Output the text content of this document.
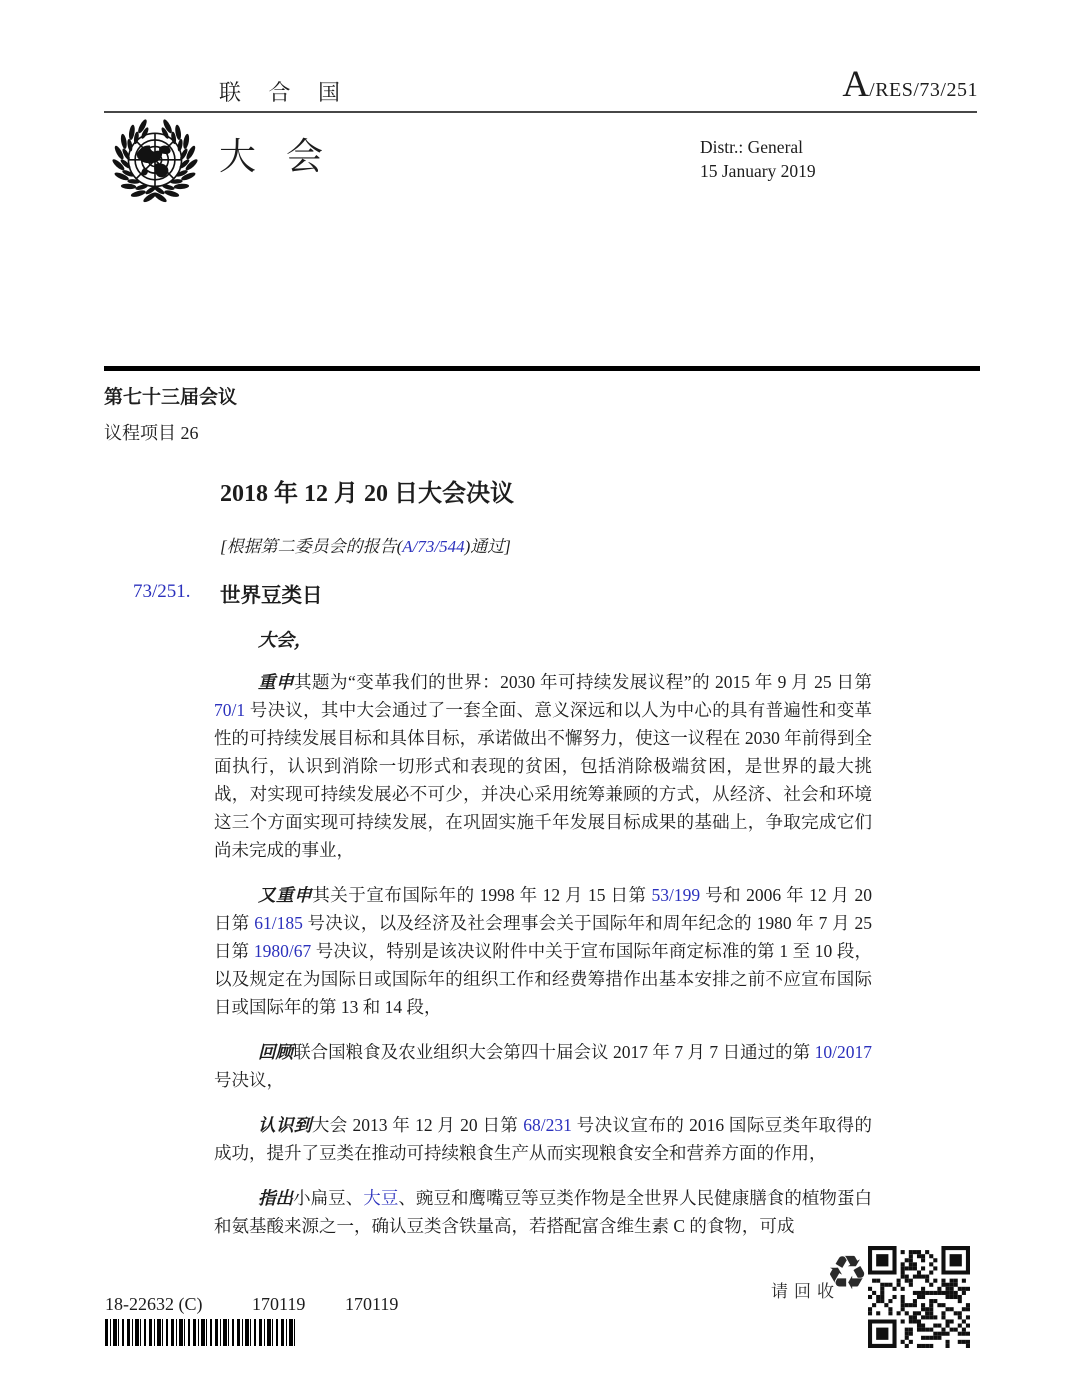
联 合 国	A /RES/73/251
大会	Distr.: General
15 January 2019
第七十三届会议
议程项目 26
2018 年 12 月 20 日大会决议
[根据第二委员会的报告(A/73/544)通过]
73/251. 世界豆类日
大会，

重申其题为“变革我们的世界：2030 年可持续发展议程”的 2015 年 9 月 25 日第 70/1 号决议，其中大会通过了一套全面、意义深远和以人为中心的具有普遍性和变革性的可持续发展目标和具体目标，承诺做出不懈努力，使这一议程在 2030 年前得到全面执行，认识到消除一切形式和表现的贫困，包括消除极端贫困，是世界的最大挑战，对实现可持续发展必不可少，并决心采用统筹兼顾的方式，从经济、社会和环境这三个方面实现可持续发展，在巩固实施千年发展目标成果的基础上，争取完成它们尚未完成的事业，

又重申其关于宣布国际年的 1998 年 12 月 15 日第 53/199 号和 2006 年 12 月 20 日第 61/185 号决议，以及经济及社会理事会关于国际年和周年纪念的 1980 年 7 月 25 日第 1980/67 号决议，特别是该决议附件中关于宣布国际年商定标准的第 1 至 10 段，以及规定在为国际日或国际年的组织工作和经费筹措作出基本安排之前不应宣布国际日或国际年的第 13 和 14 段，

回顾联合国粮食及农业组织大会第四十届会议 2017 年 7 月 7 日通过的第 10/2017 号决议，

认识到大会 2013 年 12 月 20 日第 68/231 号决议宣布的 2016 国际豆类年取得的成功，提升了豆类在推动可持续粮食生产从而实现粮食安全和营养方面的作用，

指出小扁豆、大豆、豌豆和鹰嘴豆等豆类作物是全世界人民健康膳食的植物蛋白和氨基酸来源之一，确认豆类含铁量高，若搭配富含维生素 C 的食物，可成

18-22632 (C)	170119 170119
请回收
♻
